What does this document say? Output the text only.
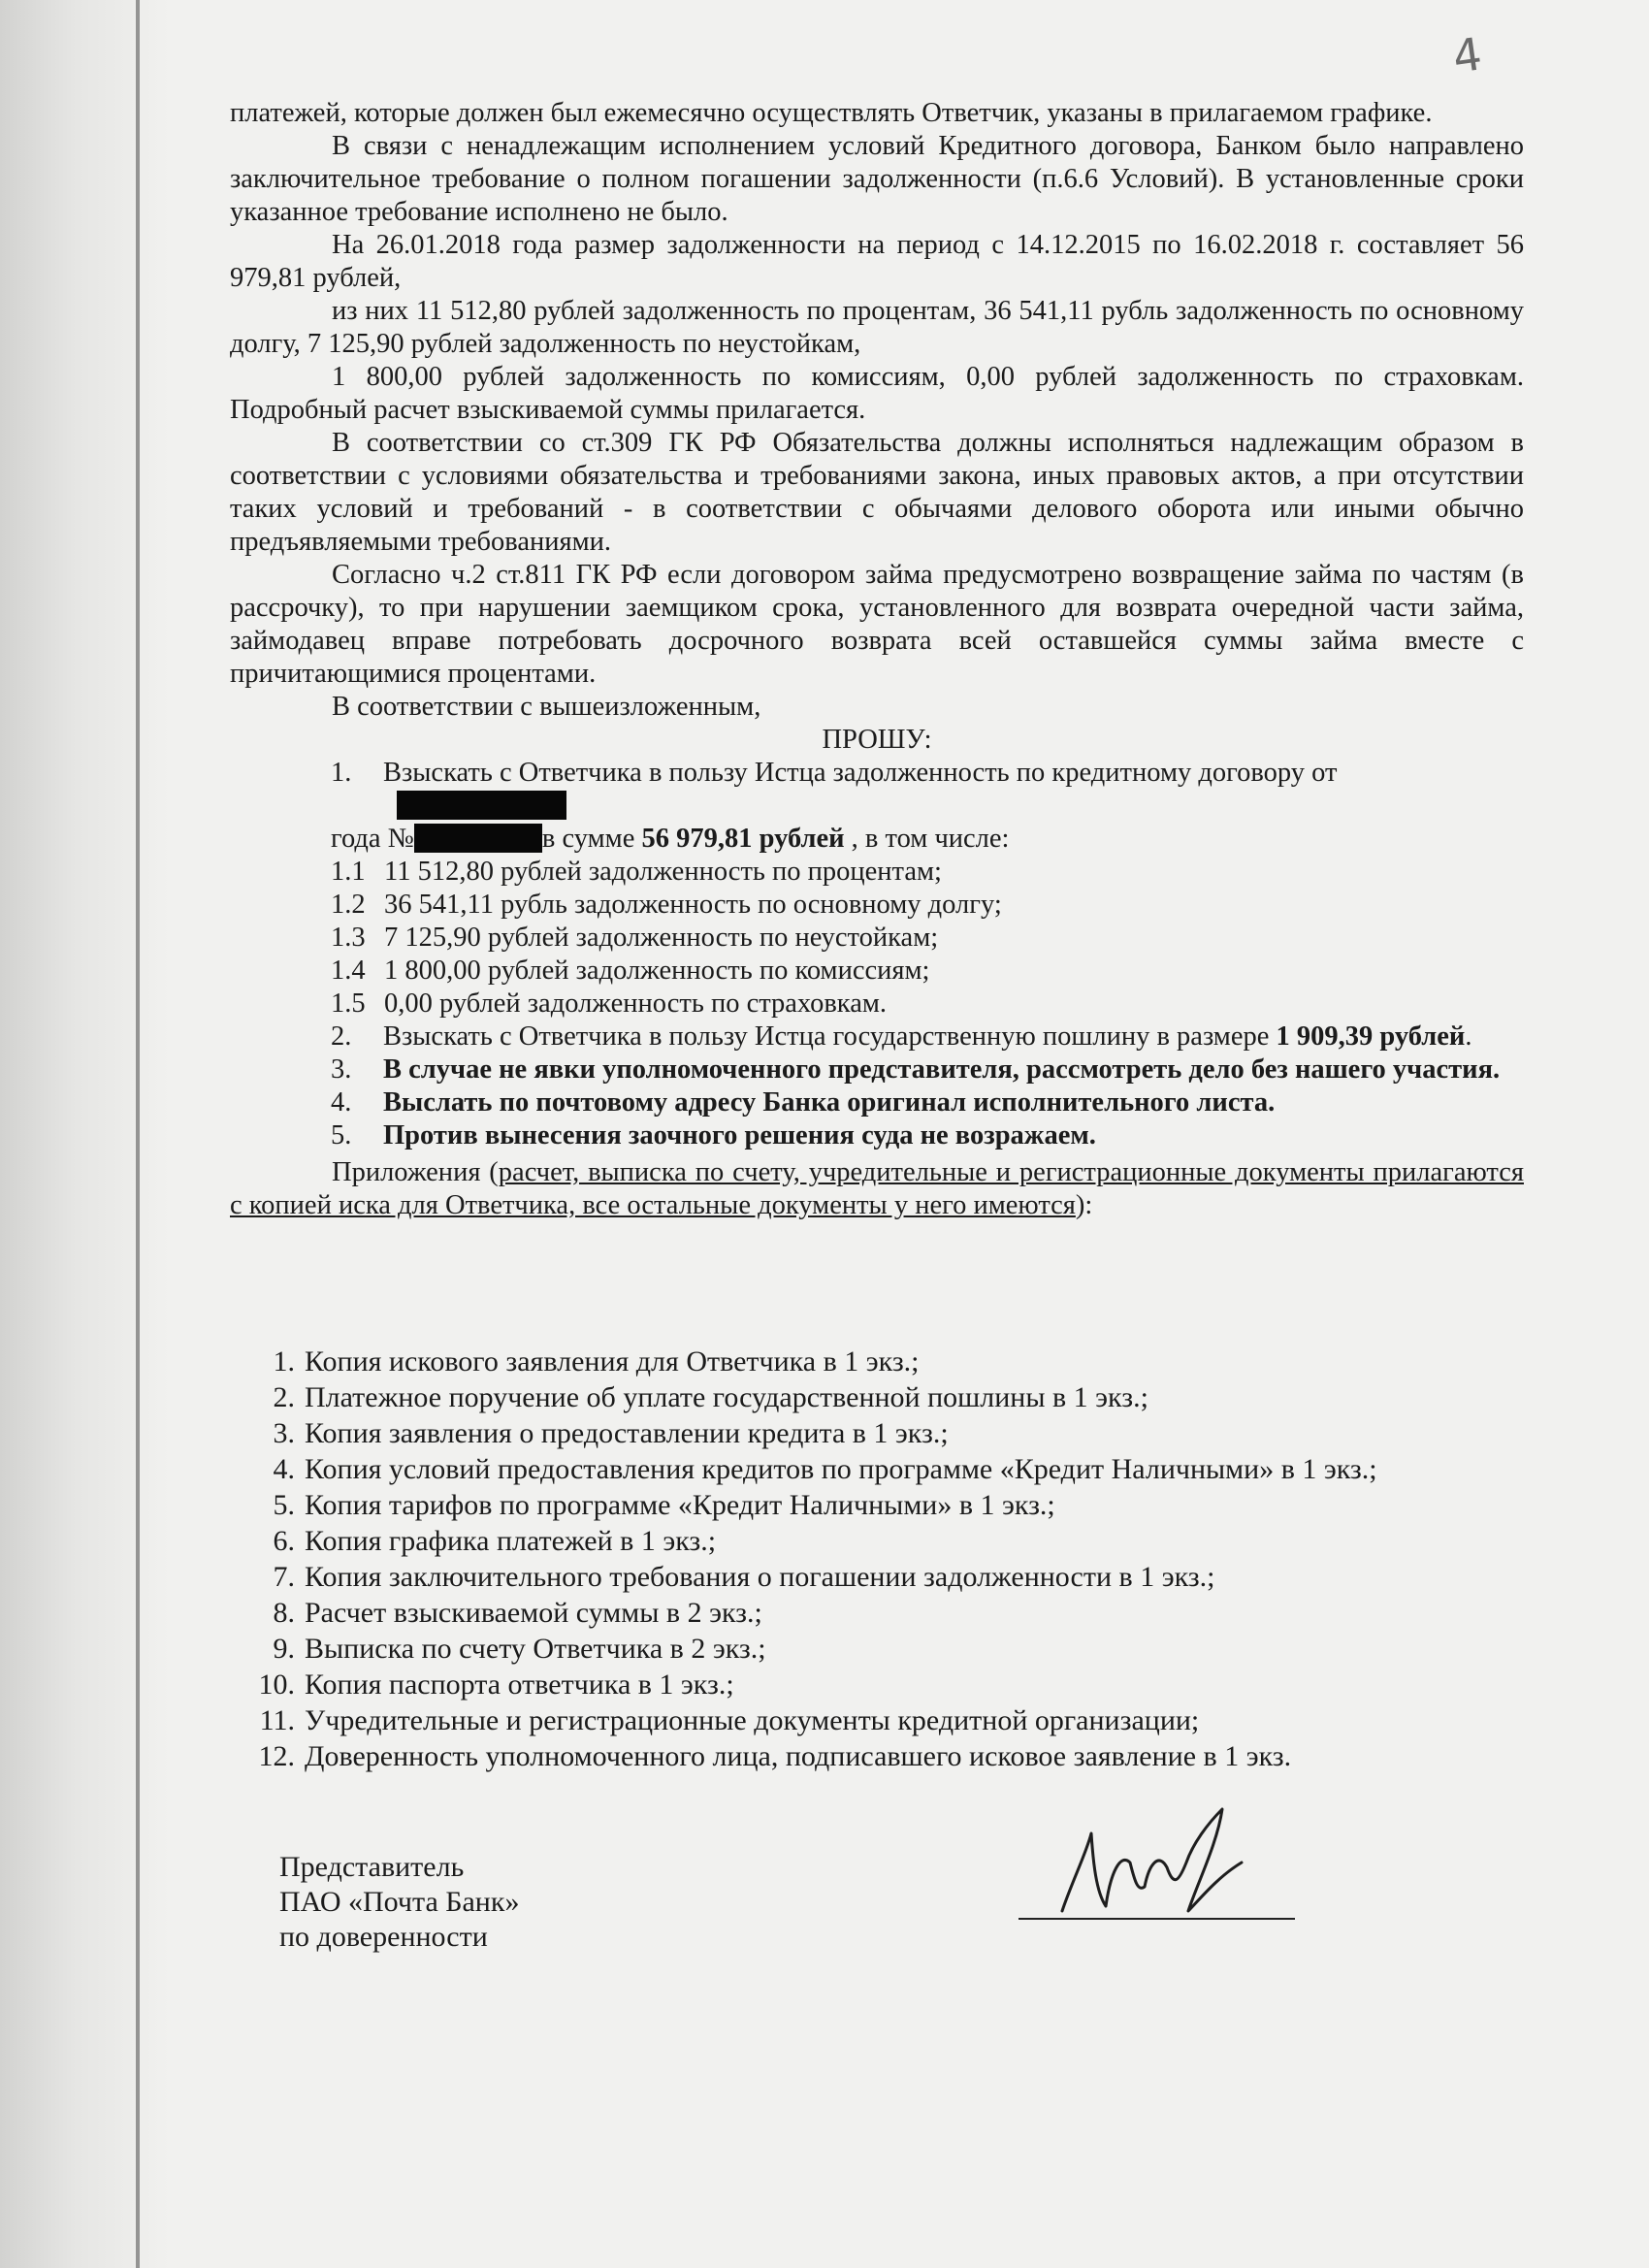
4

платежей, которые должен был ежемесячно осуществлять Ответчик, указаны в прилагаемом графике.

В связи с ненадлежащим исполнением условий Кредитного договора, Банком было направлено заключительное требование о полном погашении задолженности (п.6.6 Условий). В установленные сроки указанное требование исполнено не было.

На 26.01.2018 года размер задолженности на период с 14.12.2015 по 16.02.2018 г. составляет 56 979,81 рублей,

из них 11 512,80 рублей задолженность по процентам, 36 541,11 рубль задолженность по основному долгу, 7 125,90 рублей задолженность по неустойкам,

1 800,00 рублей задолженность по комиссиям, 0,00 рублей задолженность по страховкам. Подробный расчет взыскиваемой суммы прилагается.

В соответствии со ст.309 ГК РФ Обязательства должны исполняться надлежащим образом в соответствии с условиями обязательства и требованиями закона, иных правовых актов, а при отсутствии таких условий и требований - в соответствии с обычаями делового оборота или иными обычно предъявляемыми требованиями.

Согласно ч.2 ст.811 ГК РФ если договором займа предусмотрено возвращение займа по частям (в рассрочку), то при нарушении заемщиком срока, установленного для возврата очередной части займа, займодавец вправе потребовать досрочного возврата всей оставшейся суммы займа вместе с причитающимися процентами.

В соответствии с вышеизложенным,

ПРОШУ:

1.	Взыскать с Ответчика в пользу Истца задолженность по кредитному договору от

года №	в сумме 56 979,81 рублей , в том числе:

1.1 11 512,80 рублей задолженность по процентам;
1.2 36 541,11 рубль задолженность по основному долгу;
1.3 7 125,90 рублей задолженность по неустойкам;
1.4 1 800,00 рублей задолженность по комиссиям;
1.5 0,00 рублей задолженность по страховкам.
2.	Взыскать с Ответчика в пользу Истца государственную пошлину в размере 1 909,39 рублей.
3.	В случае не явки уполномоченного представителя, рассмотреть дело без нашего участия.
4.	Выслать по почтовому адресу Банка оригинал исполнительного листа.
5.	Против вынесения заочного решения суда не возражаем.

Приложения (расчет, выписка по счету, учредительные и регистрационные документы прилагаются с копией иска для Ответчика, все остальные документы у него имеются):

1. Копия искового заявления для Ответчика в 1 экз.;
2. Платежное поручение об уплате государственной пошлины в 1 экз.;
3. Копия заявления о предоставлении кредита в 1 экз.;
4. Копия условий предоставления кредитов по программе «Кредит Наличными» в 1 экз.;
5. Копия тарифов по программе «Кредит Наличными» в 1 экз.;
6. Копия графика платежей в 1 экз.;
7. Копия заключительного требования о погашении задолженности в 1 экз.;
8. Расчет взыскиваемой суммы в 2 экз.;
9. Выписка по счету Ответчика в 2 экз.;
10. Копия паспорта ответчика в 1 экз.;
11. Учредительные и регистрационные документы кредитной организации;
12. Доверенность уполномоченного лица, подписавшего исковое заявление в 1 экз.
Представитель
ПАО «Почта Банк»
по доверенности
